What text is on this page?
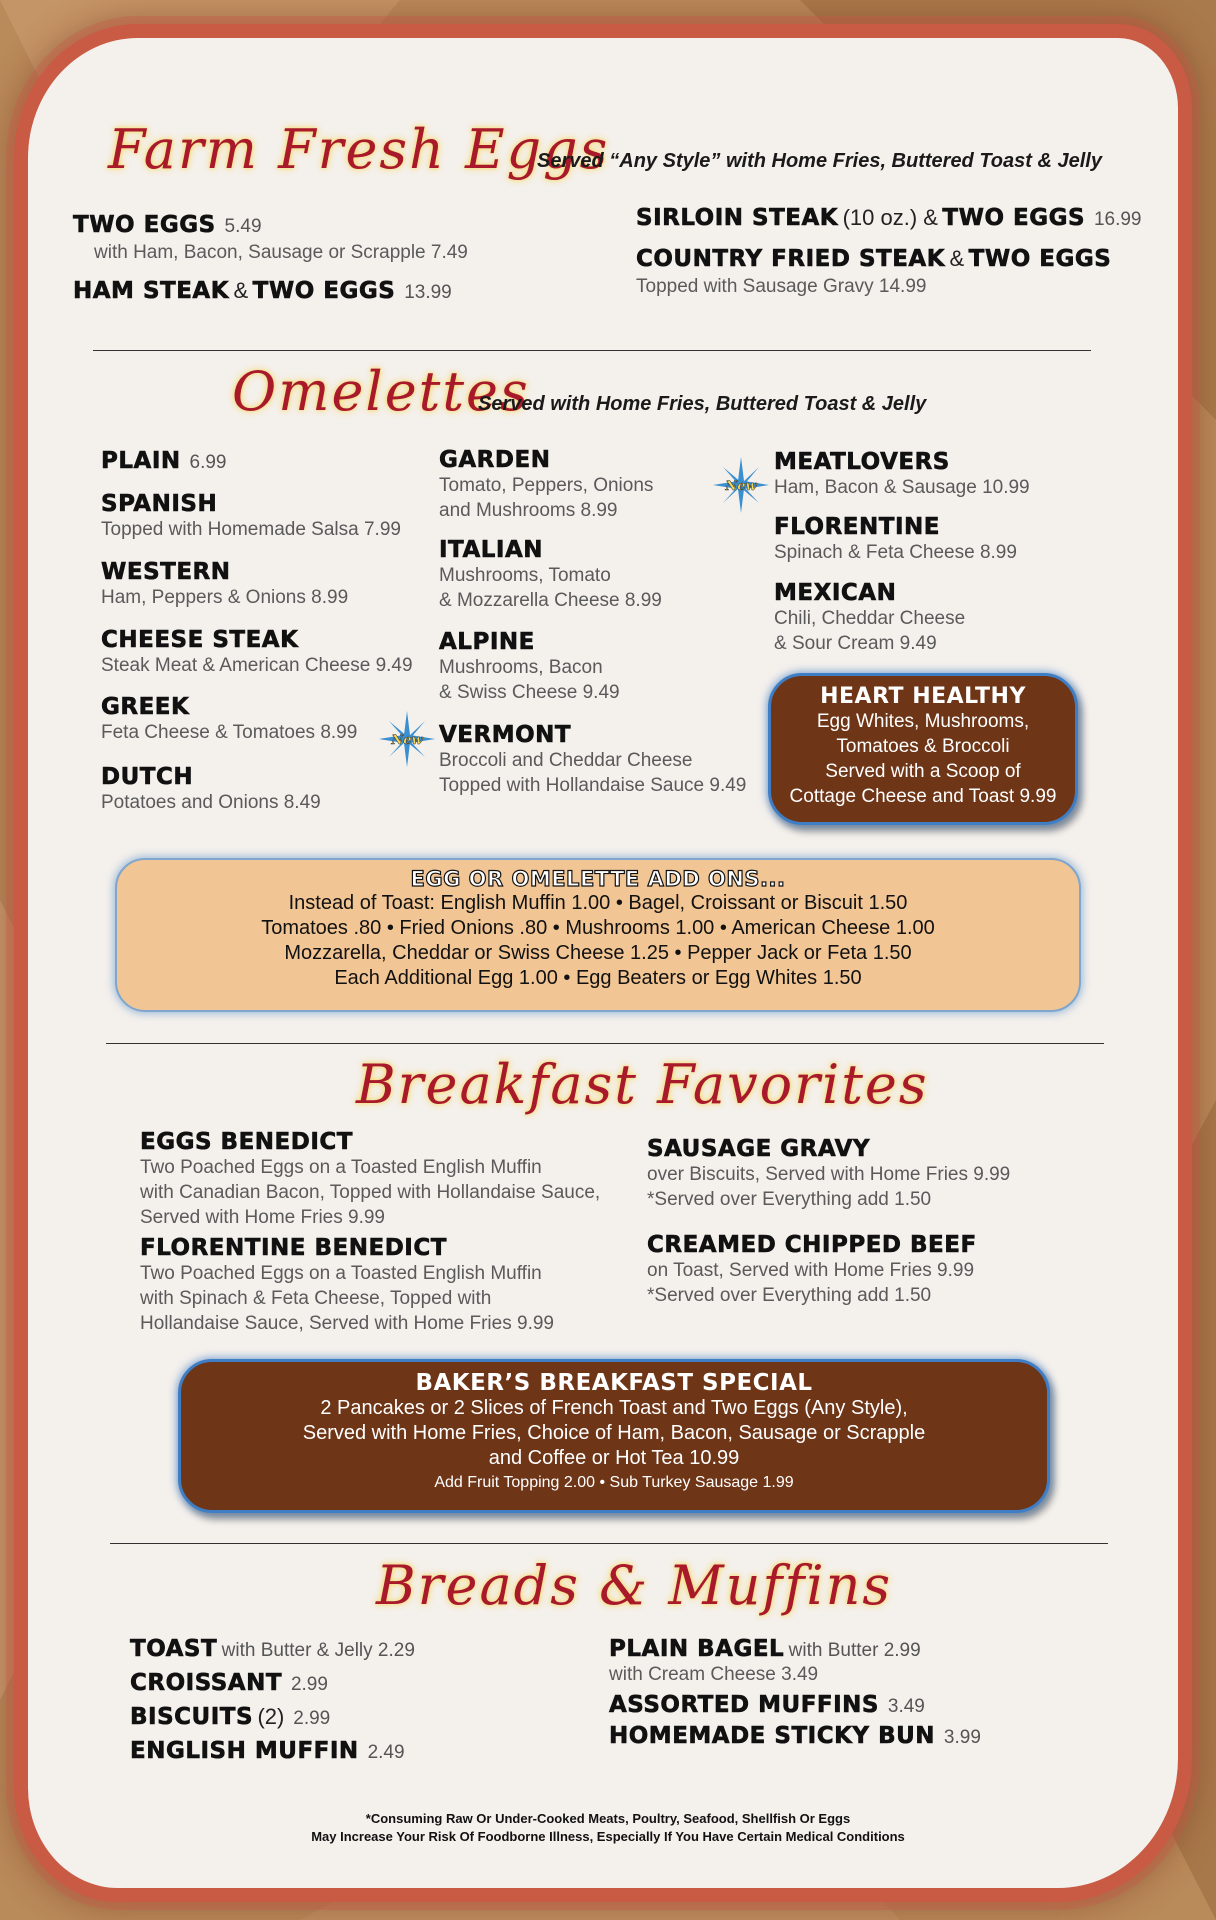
Farm Fresh Eggs
Served “Any Style” with Home Fries, Buttered Toast & Jelly
TWO EGGS 5.49
with Ham, Bacon, Sausage or Scrapple 7.49
HAM STEAK & TWO EGGS 13.99
SIRLOIN STEAK (10 oz.) & TWO EGGS 16.99
COUNTRY FRIED STEAK & TWO EGGS
Topped with Sausage Gravy 14.99
Omelettes
Served with Home Fries, Buttered Toast & Jelly
PLAIN 6.99
SPANISH
Topped with Homemade Salsa 7.99
WESTERN
Ham, Peppers & Onions 8.99
CHEESE STEAK
Steak Meat & American Cheese 9.49
GREEK
Feta Cheese & Tomatoes 8.99
DUTCH
Potatoes and Onions 8.49
GARDEN
Tomato, Peppers, Onions
and Mushrooms 8.99
ITALIAN
Mushrooms, Tomato
& Mozzarella Cheese 8.99
ALPINE
Mushrooms, Bacon
& Swiss Cheese 9.49
VERMONT
Broccoli and Cheddar Cheese
Topped with Hollandaise Sauce 9.49
MEATLOVERS
Ham, Bacon & Sausage 10.99
FLORENTINE
Spinach & Feta Cheese 8.99
MEXICAN
Chili, Cheddar Cheese
& Sour Cream 9.49
New
New
HEART HEALTHY
Egg Whites, Mushrooms,
Tomatoes & Broccoli
Served with a Scoop of
Cottage Cheese and Toast 9.99
EGG OR OMELETTE ADD ONS...
Instead of Toast: English Muffin 1.00 • Bagel, Croissant or Biscuit 1.50
Tomatoes .80 • Fried Onions .80 • Mushrooms 1.00 • American Cheese 1.00
Mozzarella, Cheddar or Swiss Cheese 1.25 • Pepper Jack or Feta 1.50
Each Additional Egg 1.00 • Egg Beaters or Egg Whites 1.50
Breakfast Favorites
EGGS BENEDICT
Two Poached Eggs on a Toasted English Muffin
with Canadian Bacon, Topped with Hollandaise Sauce,
Served with Home Fries 9.99
FLORENTINE BENEDICT
Two Poached Eggs on a Toasted English Muffin
with Spinach & Feta Cheese, Topped with
Hollandaise Sauce, Served with Home Fries 9.99
SAUSAGE GRAVY
over Biscuits, Served with Home Fries 9.99
*Served over Everything add 1.50
CREAMED CHIPPED BEEF
on Toast, Served with Home Fries 9.99
*Served over Everything add 1.50
BAKER’S BREAKFAST SPECIAL
2 Pancakes or 2 Slices of French Toast and Two Eggs (Any Style),
Served with Home Fries, Choice of Ham, Bacon, Sausage or Scrapple
and Coffee or Hot Tea 10.99
Add Fruit Topping 2.00 • Sub Turkey Sausage 1.99
Breads & Muffins
TOAST with Butter & Jelly 2.29
CROISSANT 2.99
BISCUITS (2) 2.99
ENGLISH MUFFIN 2.49
PLAIN BAGEL with Butter 2.99
with Cream Cheese 3.49
ASSORTED MUFFINS 3.49
HOMEMADE STICKY BUN 3.99
*Consuming Raw Or Under-Cooked Meats, Poultry, Seafood, Shellfish Or Eggs
May Increase Your Risk Of Foodborne Illness, Especially If You Have Certain Medical Conditions
